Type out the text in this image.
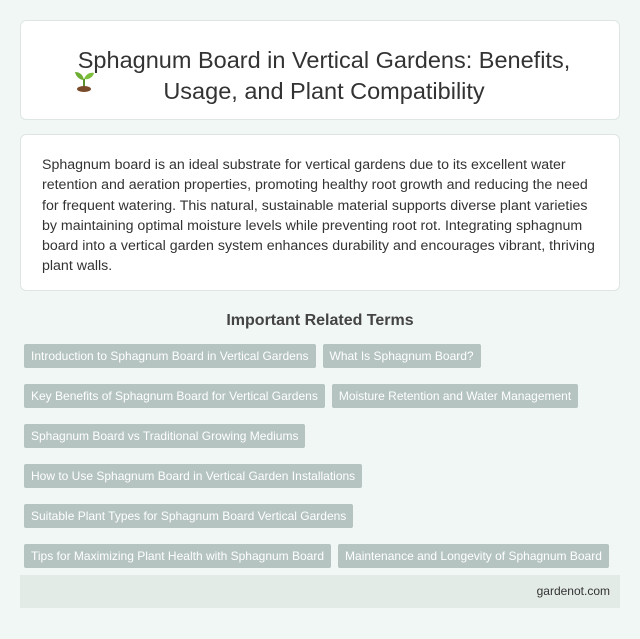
Sphagnum Board in Vertical Gardens: Benefits, Usage, and Plant Compatibility

Sphagnum board is an ideal substrate for vertical gardens due to its excellent water retention and aeration properties, promoting healthy root growth and reducing the need for frequent watering. This natural, sustainable material supports diverse plant varieties by maintaining optimal moisture levels while preventing root rot. Integrating sphagnum board into a vertical garden system enhances durability and encourages vibrant, thriving plant walls.

Important Related Terms
Introduction to Sphagnum Board in Vertical Gardens	What Is Sphagnum Board?
Key Benefits of Sphagnum Board for Vertical Gardens	Moisture Retention and Water Management
Sphagnum Board vs Traditional Growing Mediums
How to Use Sphagnum Board in Vertical Garden Installations
Suitable Plant Types for Sphagnum Board Vertical Gardens
Tips for Maximizing Plant Health with Sphagnum Board	Maintenance and Longevity of Sphagnum Board
gardenot.com
